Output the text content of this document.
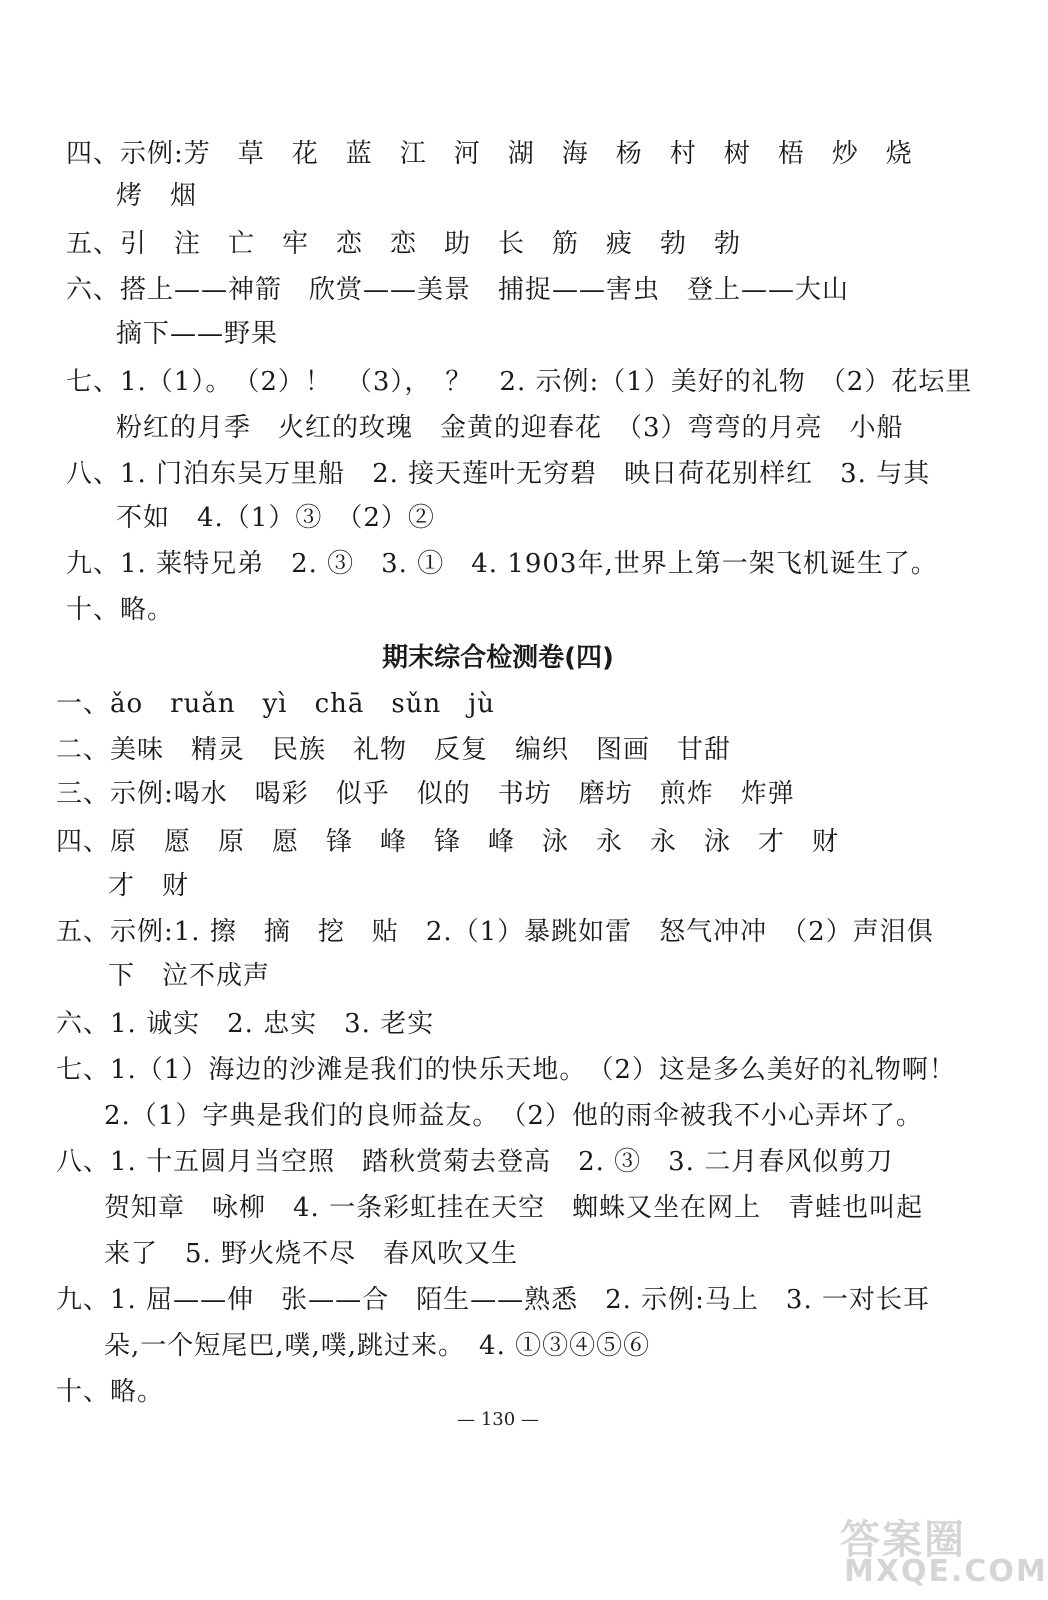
四、示例:芳　草　花　蓝　江　河　湖　海　杨　村　树　梧　炒　烧
烤　烟
五、引　注　亡　牢　恋　恋　助　长　筋　疲　勃　勃
六、搭上——神箭　欣赏——美景　捕捉——害虫　登上——大山
摘下——野果
七、1.（1）。　（2）！　（3），　？　2. 示例:（1）美好的礼物　（2）花坛里
粉红的月季　火红的玫瑰　金黄的迎春花　（3）弯弯的月亮　小船
八、1. 门泊东吴万里船　2. 接天莲叶无穷碧　映日荷花别样红　3. 与其
不如　4.（1）③　（2）②
九、1. 莱特兄弟　2. ③　3. ①　4. 1903年,世界上第一架飞机诞生了。
十、略。
期末综合检测卷(四)
一、ǎo　ruǎn　yì　chā　sǔn　jù
二、美味　精灵　民族　礼物　反复　编织　图画　甘甜
三、示例:喝水　喝彩　似乎　似的　书坊　磨坊　煎炸　炸弹
四、原　愿　原　愿　锋　峰　锋　峰　泳　永　永　泳　才　财
才　财
五、示例:1. 擦　摘　挖　贴　2.（1）暴跳如雷　怒气冲冲　（2）声泪俱
下　泣不成声
六、1. 诚实　2. 忠实　3. 老实
七、1.（1）海边的沙滩是我们的快乐天地。　（2）这是多么美好的礼物啊！
2.（1）字典是我们的良师益友。　（2）他的雨伞被我不小心弄坏了。
八、1. 十五圆月当空照　踏秋赏菊去登高　2. ③　3. 二月春风似剪刀
贺知章　咏柳　4. 一条彩虹挂在天空　蜘蛛又坐在网上　青蛙也叫起
来了　5. 野火烧不尽　春风吹又生
九、1. 屈——伸　张——合　陌生——熟悉　2. 示例:马上　3. 一对长耳
朵,一个短尾巴,噗,噗,跳过来。　4. ①③④⑤⑥
十、略。
— 130 —
答案圈
MXQE.COM
